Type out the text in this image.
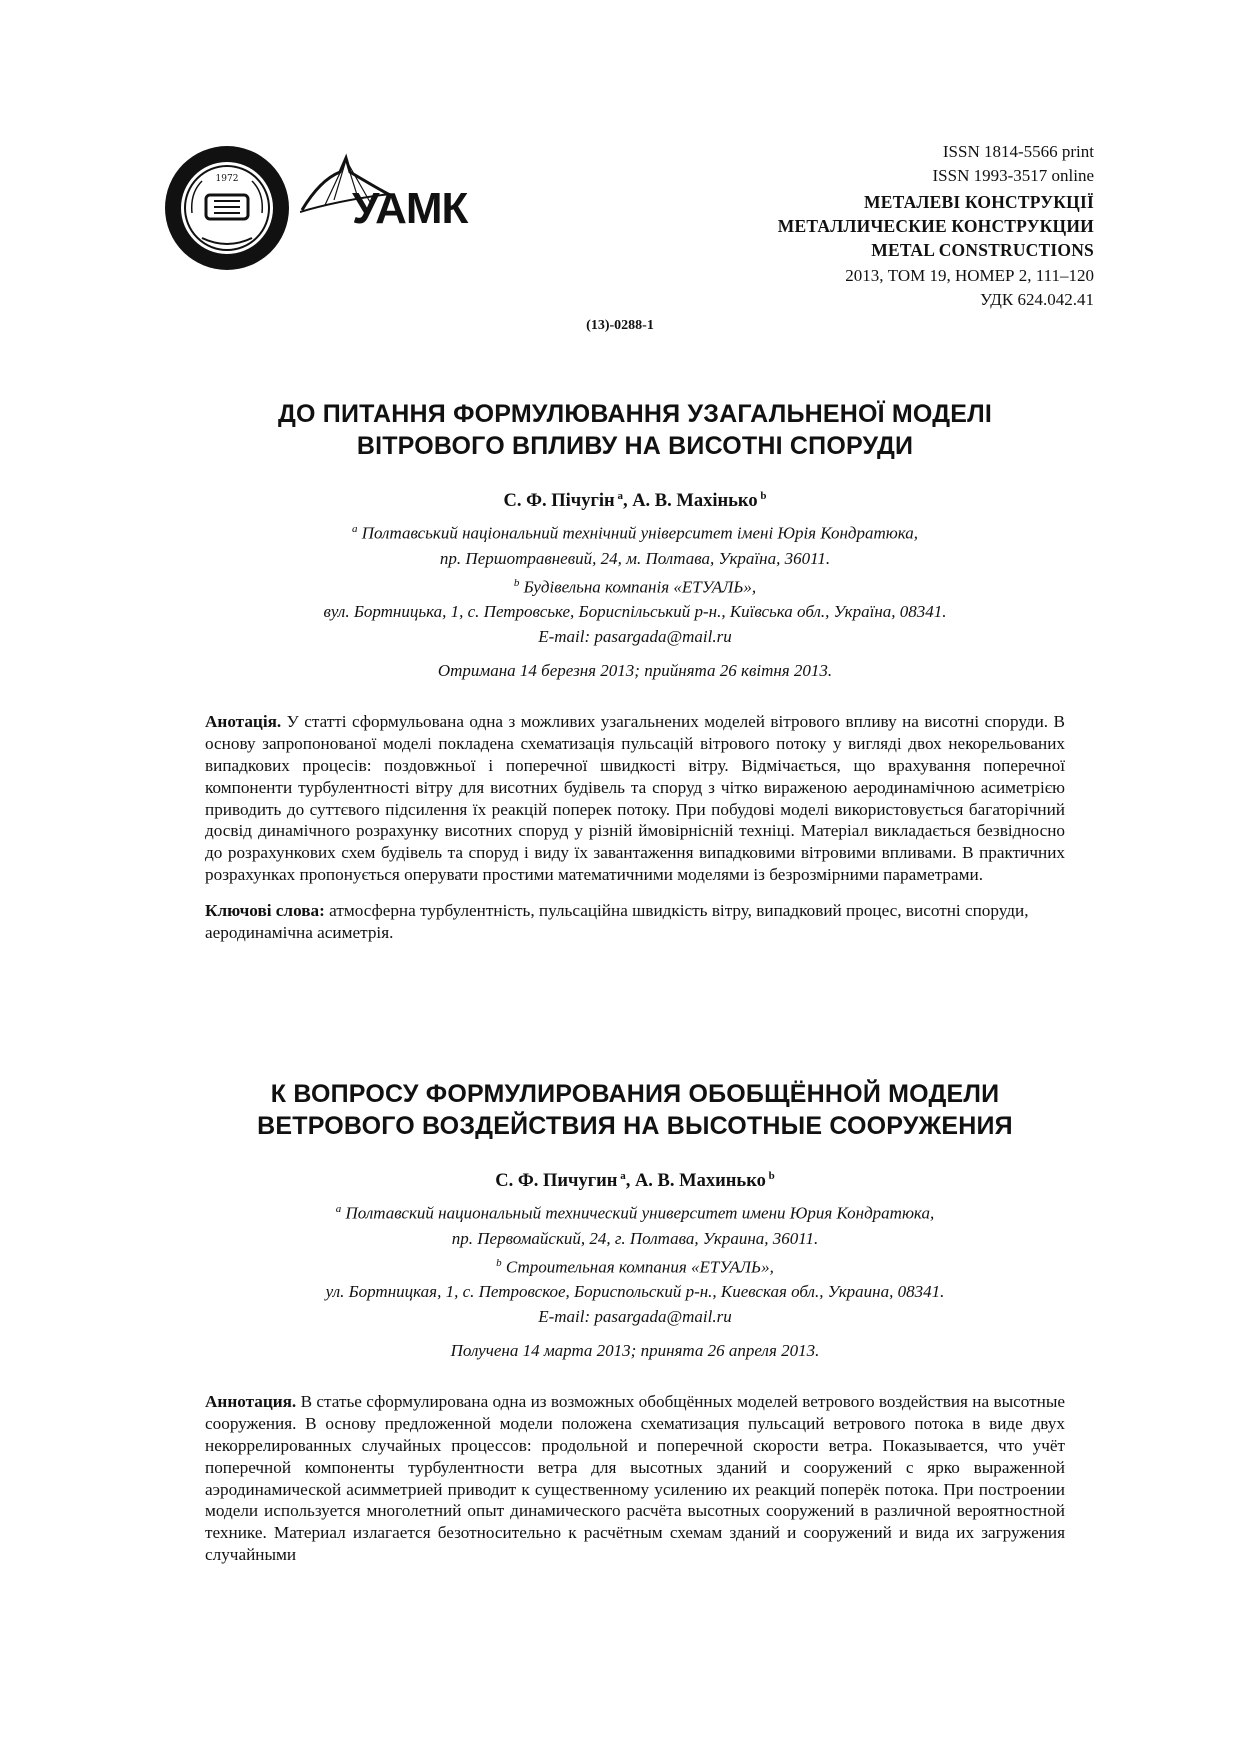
1972
УАМК
ISSN 1814-5566 print
ISSN 1993-3517 online
МЕТАЛЕВІ КОНСТРУКЦІЇ
МЕТАЛЛИЧЕСКИЕ КОНСТРУКЦИИ
METAL CONSTRUCTIONS
2013, ТОМ 19, НОМЕР 2, 111–120
УДК 624.042.41
(13)-0288-1
ДО ПИТАННЯ ФОРМУЛЮВАННЯ УЗАГАЛЬНЕНОЇ МОДЕЛІ
ВІТРОВОГО ВПЛИВУ НА ВИСОТНІ СПОРУДИ
С. Ф. Пічугін $^a$, А. В. Махінько $^b$
$^a$ Полтавський національний технічний університет імені Юрія Кондратюка,
пр. Першотравневий, 24, м. Полтава, Україна, 36011.
$^b$ Будівельна компанія «ЕТУАЛЬ»,
вул. Бортницька, 1, с. Петровське, Бориспільський р-н., Київська обл., Україна, 08341.
E-mail: pasargada@mail.ru
Отримана 14 березня 2013; прийнята 26 квітня 2013.
Анотація. У статті сформульована одна з можливих узагальнених моделей вітрового впливу на висотні споруди. В основу запропонованої моделі покладена схематизація пульсацій вітрового потоку у вигляді двох некорельованих випадкових процесів: поздовжньої і поперечної швидкості вітру. Відмічається, що врахування поперечної компоненти турбулентності вітру для висотних будівель та споруд з чітко вираженою аеродинамічною асиметрією приводить до суттєвого підсилення їх реакцій поперек потоку. При побудові моделі використовується багаторічний досвід динамічного розрахунку висотних споруд у різній ймовірнісній техніці. Матеріал викладається безвідносно до розрахункових схем будівель та споруд і виду їх завантаження випадковими вітровими впливами. В практичних розрахунках пропонується оперувати простими математичними моделями із безрозмірними параметрами.
Ключові слова: атмосферна турбулентність, пульсаційна швидкість вітру, випадковий процес, висотні споруди, аеродинамічна асиметрія.
К ВОПРОСУ ФОРМУЛИРОВАНИЯ ОБОБЩЁННОЙ МОДЕЛИ
ВЕТРОВОГО ВОЗДЕЙСТВИЯ НА ВЫСОТНЫЕ СООРУЖЕНИЯ
С. Ф. Пичугин $^a$, А. В. Махинько $^b$
$^a$ Полтавский национальный технический университет имени Юрия Кондратюка,
пр. Первомайский, 24, г. Полтава, Украина, 36011.
$^b$ Строительная компания «ЕТУАЛЬ»,
ул. Бортницкая, 1, с. Петровское, Бориспольский р-н., Киевская обл., Украина, 08341.
E-mail: pasargada@mail.ru
Получена 14 марта 2013; принята 26 апреля 2013.
Аннотация. В статье сформулирована одна из возможных обобщённых моделей ветрового воздействия на высотные сооружения. В основу предложенной модели положена схематизация пульсаций ветрового потока в виде двух некоррелированных случайных процессов: продольной и поперечной скорости ветра. Показывается, что учёт поперечной компоненты турбулентности ветра для высотных зданий и сооружений с ярко выраженной аэродинамической асимметрией приводит к существенному усилению их реакций поперёк потока. При построении модели используется многолетний опыт динамического расчёта высотных сооружений в различной вероятностной технике. Материал излагается безотносительно к расчётным схемам зданий и сооружений и вида их загружения случайными
